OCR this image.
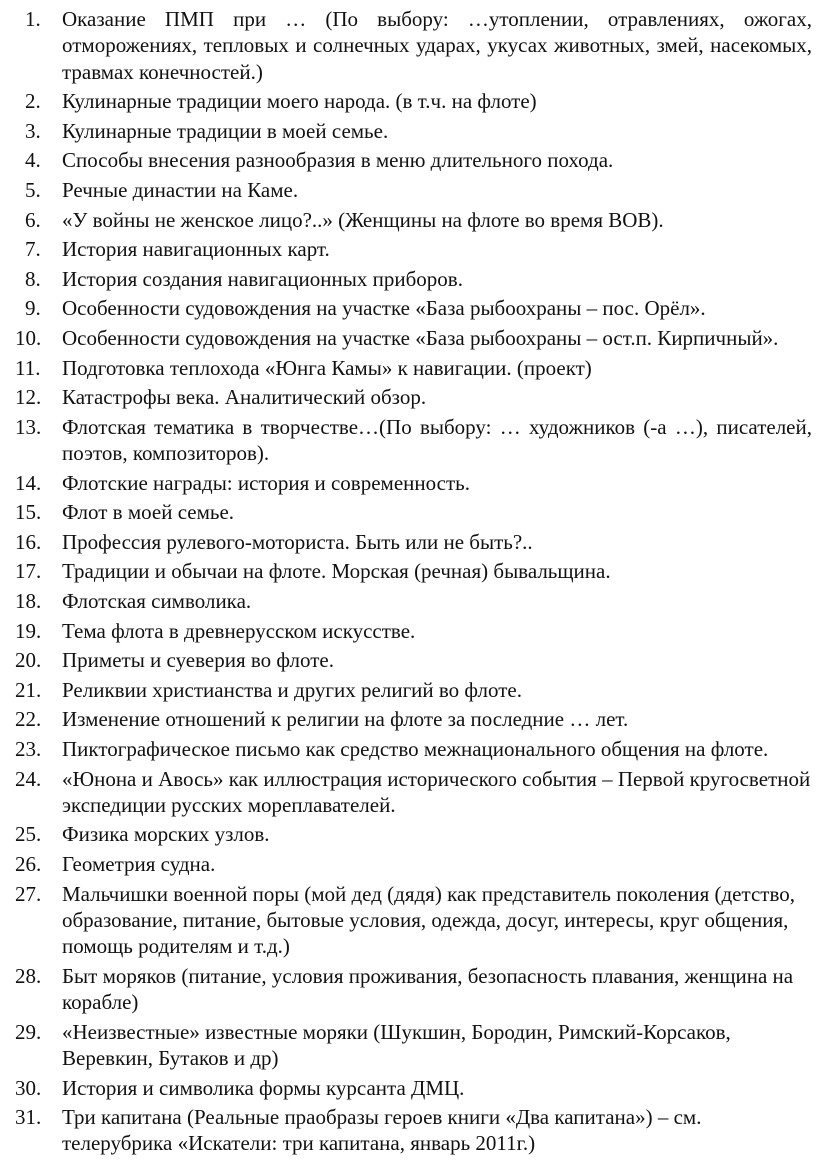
1. Оказание ПМП при … (По выбору: …утоплении, отравлениях, ожогах, отморожениях, тепловых и солнечных ударах, укусах животных, змей, насекомых, травмах конечностей.)
2. Кулинарные традиции моего народа. (в т.ч. на флоте)
3. Кулинарные традиции в моей семье.
4. Способы внесения разнообразия в меню длительного похода.
5. Речные династии на Каме.
6. «У войны не женское лицо?..» (Женщины на флоте во время ВОВ).
7. История навигационных карт.
8. История создания навигационных приборов.
9. Особенности судовождения на участке «База рыбоохраны – пос. Орёл».
10. Особенности судовождения на участке «База рыбоохраны – ост.п. Кирпичный».
11. Подготовка теплохода «Юнга Камы» к навигации. (проект)
12. Катастрофы века. Аналитический обзор.
13. Флотская тематика в творчестве…(По выбору: … художников (-а …), писателей, поэтов, композиторов).
14. Флотские награды: история и современность.
15. Флот в моей семье.
16. Профессия рулевого-моториста. Быть или не быть?..
17. Традиции и обычаи на флоте. Морская (речная) бывальщина.
18. Флотская символика.
19. Тема флота в древнерусском искусстве.
20. Приметы и суеверия во флоте.
21. Реликвии христианства и других религий во флоте.
22. Изменение отношений к религии на флоте за последние … лет.
23. Пиктографическое письмо как средство межнационального общения на флоте.
24. «Юнона и Авось» как иллюстрация исторического события – Первой кругосветной экспедиции русских мореплавателей.
25. Физика морских узлов.
26. Геометрия судна.
27. Мальчишки военной поры (мой дед (дядя) как представитель поколения (детство, образование, питание, бытовые условия, одежда, досуг, интересы, круг общения, помощь родителям и т.д.)
28. Быт моряков (питание, условия проживания, безопасность плавания, женщина на корабле)
29. «Неизвестные» известные моряки (Шукшин, Бородин, Римский-Корсаков, Веревкин, Бутаков и др)
30. История и символика формы курсанта ДМЦ.
31. Три капитана (Реальные праобразы героев книги «Два капитана») – см. телерубрика «Искатели: три капитана, январь 2011г.)
